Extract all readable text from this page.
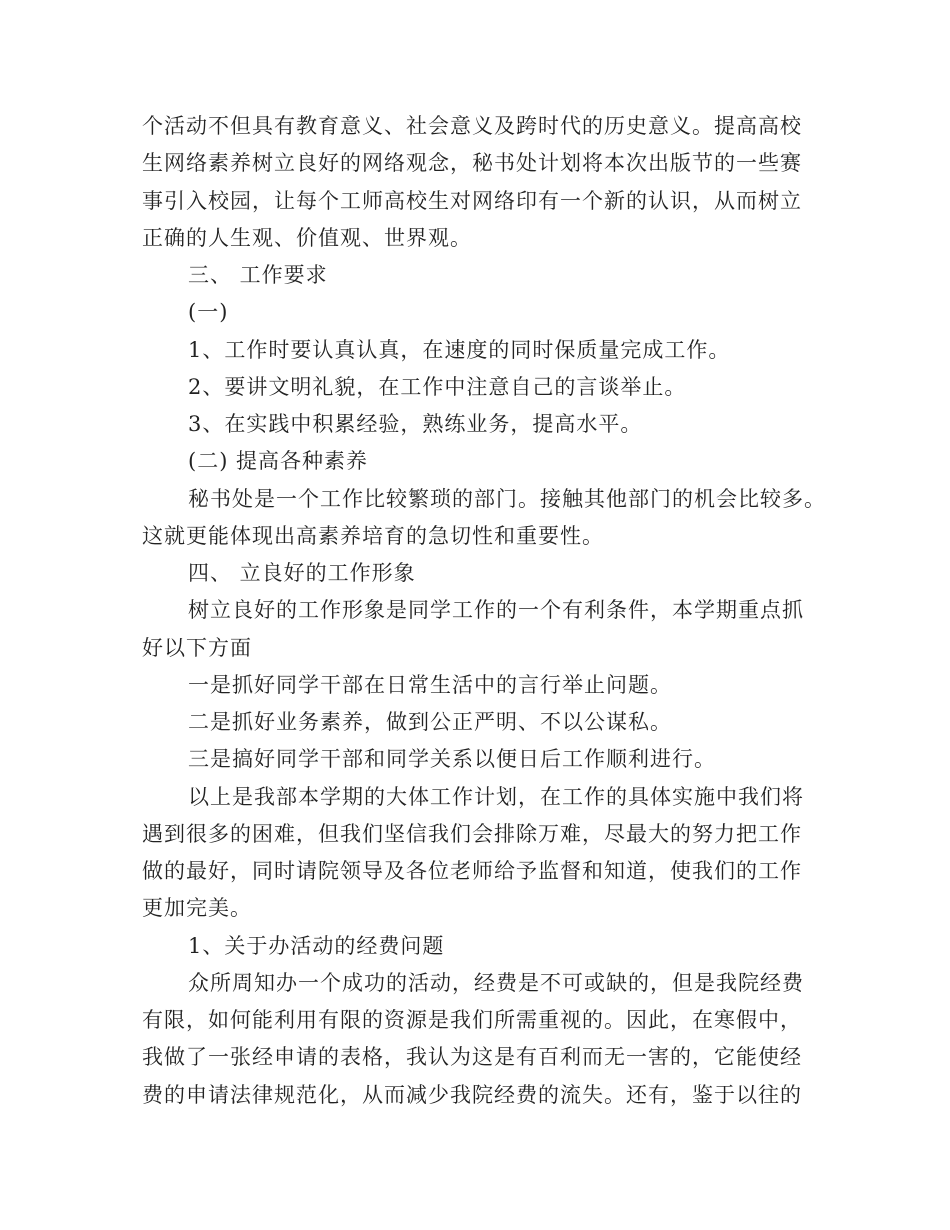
个活动不但具有教育意义、社会意义及跨时代的历史意义。提高高校
生网络素养树立良好的网络观念，秘书处计划将本次出版节的一些赛
事引入校园，让每个工师高校生对网络印有一个新的认识，从而树立
正确的人生观、价值观、世界观。
三、 工作要求
(一)
1、工作时要认真认真，在速度的同时保质量完成工作。
2、要讲文明礼貌，在工作中注意自己的言谈举止。
3、在实践中积累经验，熟练业务，提高水平。
(二) 提高各种素养
秘书处是一个工作比较繁琐的部门。接触其他部门的机会比较多。
这就更能体现出高素养培育的急切性和重要性。
四、 立良好的工作形象
树立良好的工作形象是同学工作的一个有利条件，本学期重点抓
好以下方面
一是抓好同学干部在日常生活中的言行举止问题。
二是抓好业务素养，做到公正严明、不以公谋私。
三是搞好同学干部和同学关系以便日后工作顺利进行。
以上是我部本学期的大体工作计划，在工作的具体实施中我们将
遇到很多的困难，但我们坚信我们会排除万难，尽最大的努力把工作
做的最好，同时请院领导及各位老师给予监督和知道，使我们的工作
更加完美。
1、关于办活动的经费问题
众所周知办一个成功的活动，经费是不可或缺的，但是我院经费
有限，如何能利用有限的资源是我们所需重视的。因此，在寒假中，
我做了一张经申请的表格，我认为这是有百利而无一害的，它能使经
费的申请法律规范化，从而减少我院经费的流失。还有，鉴于以往的
